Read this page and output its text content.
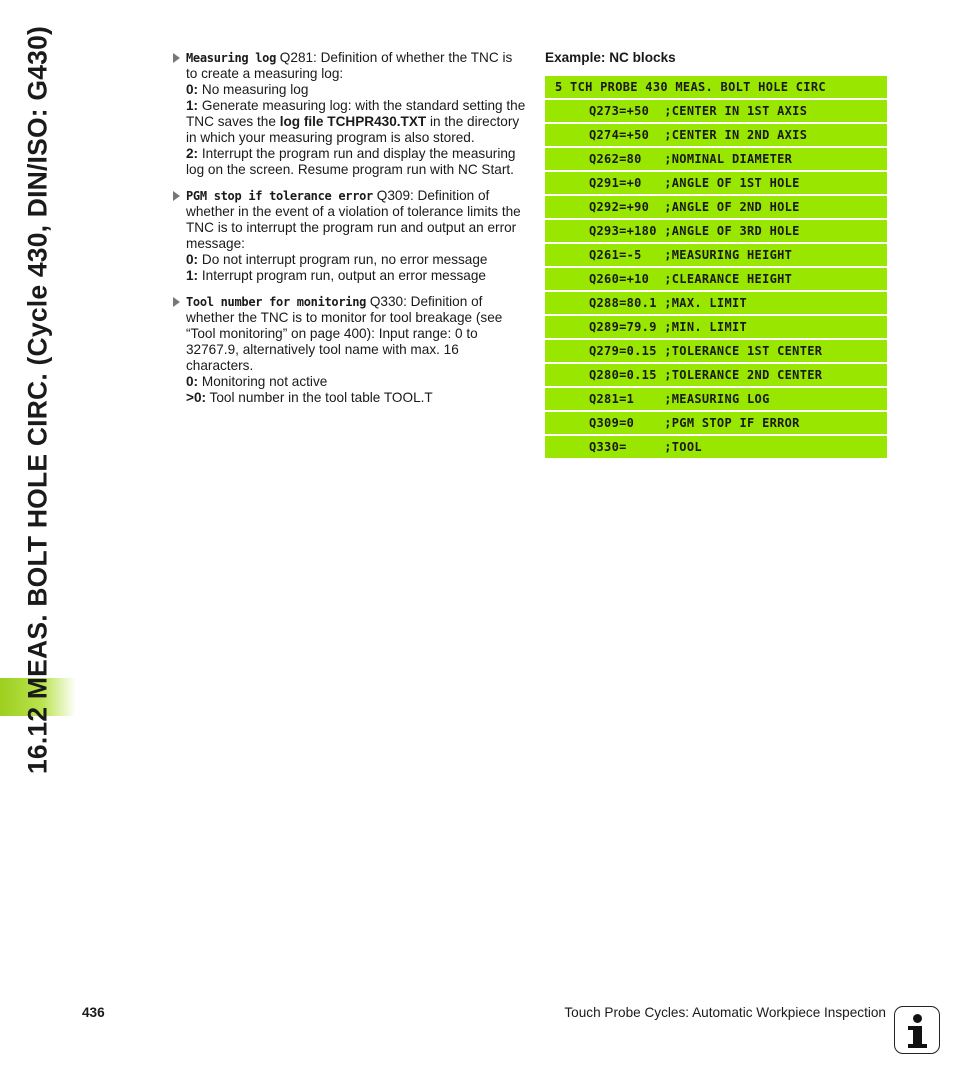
16.12 MEAS. BOLT HOLE CIRC. (Cycle 430, DIN/ISO: G430)	Measuring log Q281: Definition of whether the TNC is to create a measuring log:
0: No measuring log
1: Generate measuring log: with the standard setting the TNC saves the log file TCHPR430.TXT in the directory in which your measuring program is also stored.
2: Interrupt the program run and display the measuring log on the screen. Resume program run with NC Start.
PGM stop if tolerance error Q309: Definition of whether in the event of a violation of tolerance limits the TNC is to interrupt the program run and output an error message:
0: Do not interrupt program run, no error message
1: Interrupt program run, output an error message
Tool number for monitoring Q330: Definition of whether the TNC is to monitor for tool breakage (see “Tool monitoring” on page 400): Input range: 0 to 32767.9, alternatively tool name with max. 16 characters.
0: Monitoring not active
>0: Tool number in the tool table TOOL.T
Example: NC blocks
5 TCH PROBE 430 MEAS. BOLT HOLE CIRC
Q273=+50  ;CENTER IN 1ST AXIS
Q274=+50  ;CENTER IN 2ND AXIS
Q262=80   ;NOMINAL DIAMETER
Q291=+0   ;ANGLE OF 1ST HOLE
Q292=+90  ;ANGLE OF 2ND HOLE
Q293=+180 ;ANGLE OF 3RD HOLE
Q261=-5   ;MEASURING HEIGHT
Q260=+10  ;CLEARANCE HEIGHT
Q288=80.1 ;MAX. LIMIT
Q289=79.9 ;MIN. LIMIT
Q279=0.15 ;TOLERANCE 1ST CENTER
Q280=0.15 ;TOLERANCE 2ND CENTER
Q281=1    ;MEASURING LOG
Q309=0    ;PGM STOP IF ERROR
Q330=     ;TOOL
436	Touch Probe Cycles: Automatic Workpiece Inspection
